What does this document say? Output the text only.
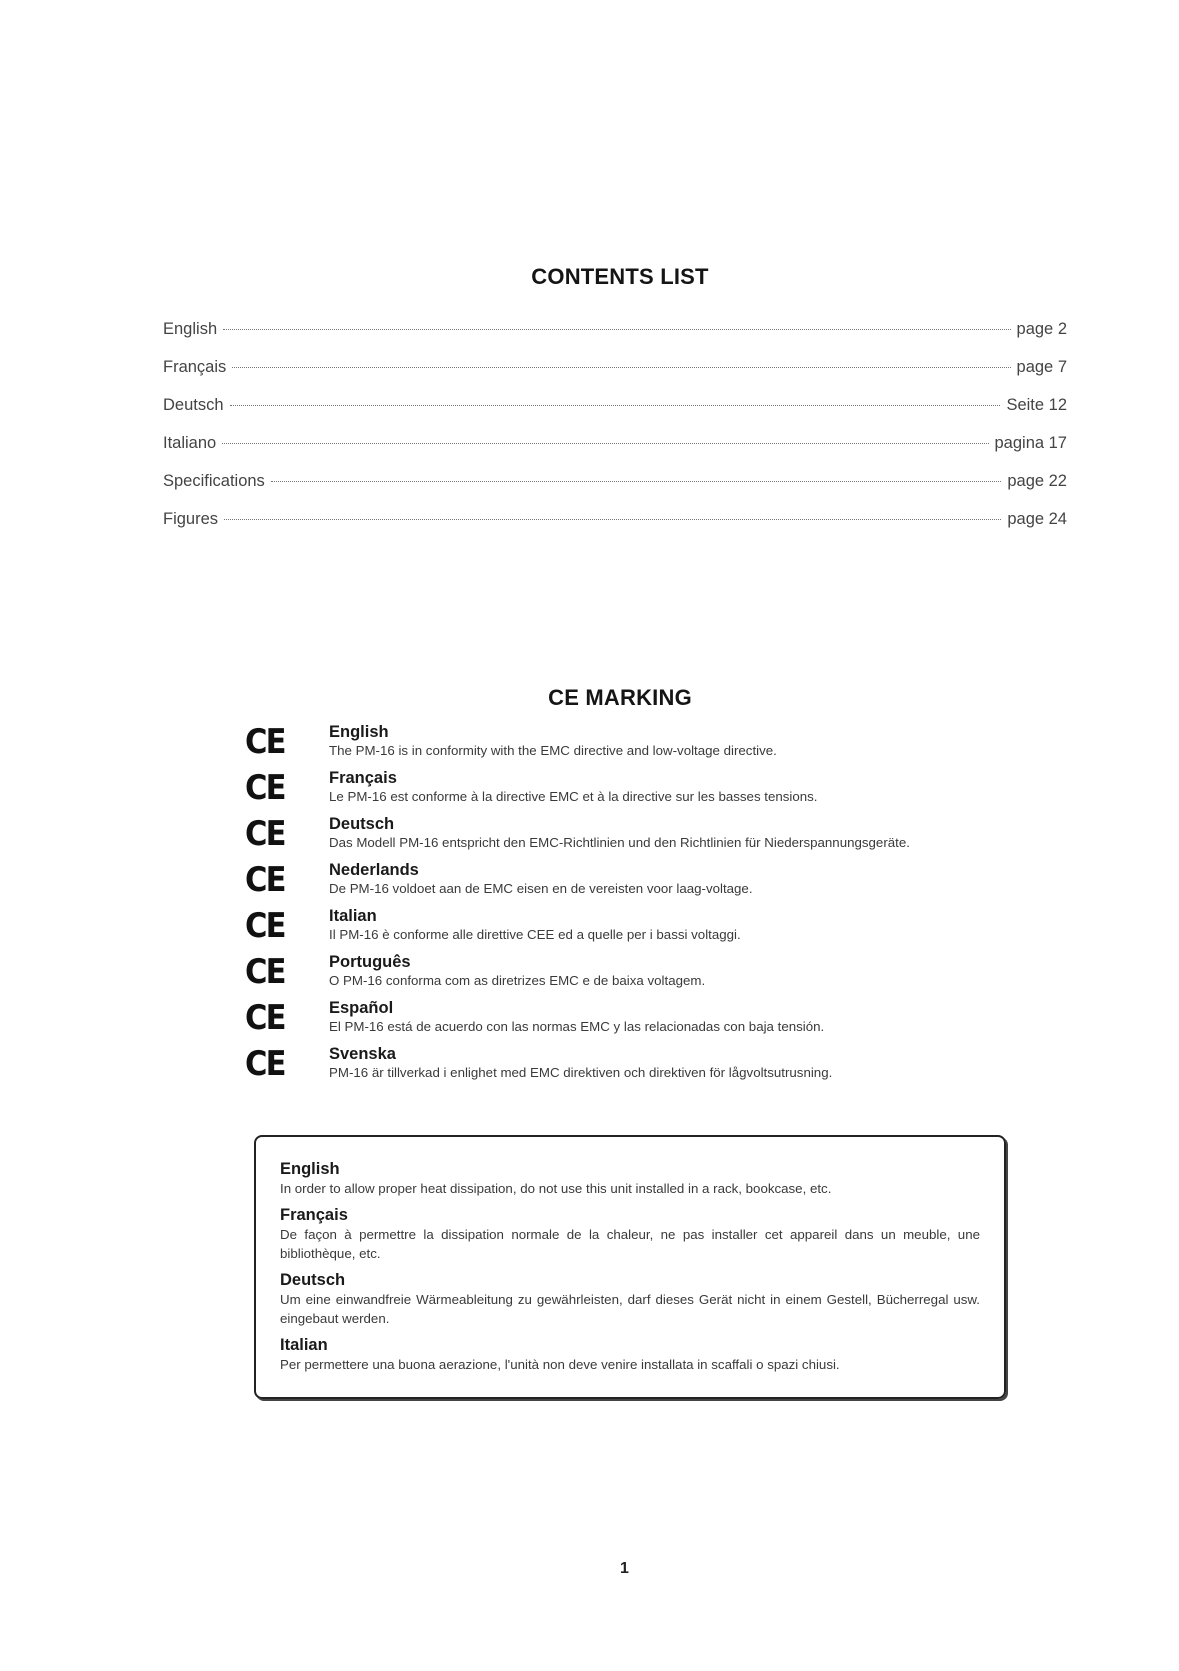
CONTENTS LIST
English	page 2
Français	page 7
Deutsch	Seite 12
Italiano	pagina 17
Specifications	page 22
Figures	page 24
CE MARKING
CE	English
The PM-16 is in conformity with the EMC directive and low-voltage directive.
CE	Français
Le PM-16 est conforme à la directive EMC et à la directive sur les basses tensions.
CE	Deutsch
Das Modell PM-16 entspricht den EMC-Richtlinien und den Richtlinien für Niederspannungsgeräte.
CE	Nederlands
De PM-16 voldoet aan de EMC eisen en de vereisten voor laag-voltage.
CE	Italian
Il PM-16 è conforme alle direttive CEE ed a quelle per i bassi voltaggi.
CE	Português
O PM-16 conforma com as diretrizes EMC e de baixa voltagem.
CE	Español
El PM-16 está de acuerdo con las normas EMC y las relacionadas con baja tensión.
CE	Svenska
PM-16 är tillverkad i enlighet med EMC direktiven och direktiven för lågvoltsutrusning.
English
In order to allow proper heat dissipation, do not use this unit installed in a rack, bookcase, etc.
Français
De façon à permettre la dissipation normale de la chaleur, ne pas installer cet appareil dans un meuble, une bibliothèque, etc.
Deutsch
Um eine einwandfreie Wärmeableitung zu gewährleisten, darf dieses Gerät nicht in einem Gestell, Bücherregal usw. eingebaut werden.
Italian
Per permettere una buona aerazione, l'unità non deve venire installata in scaffali o spazi chiusi.
1
